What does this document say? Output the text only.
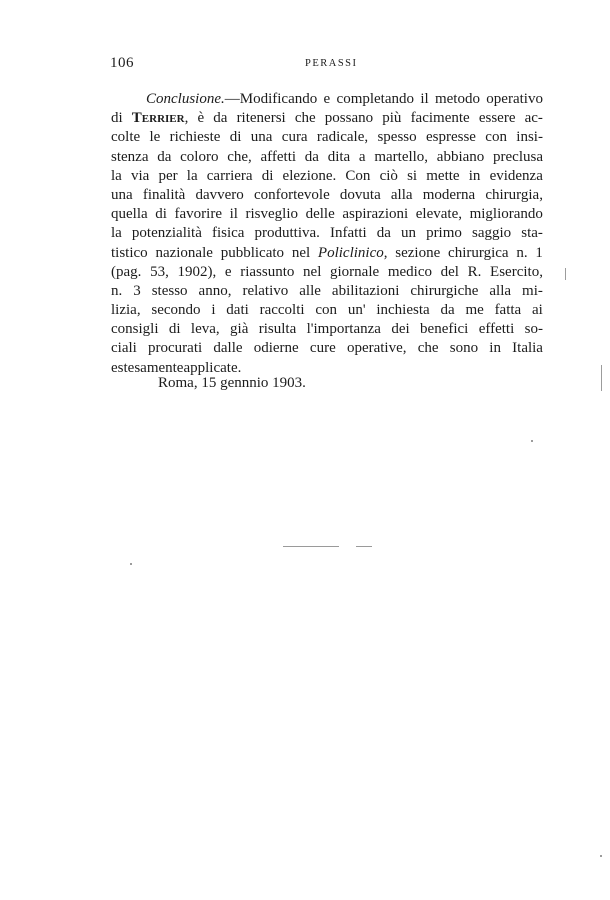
106	PERASSI
Conclusione.—Modificando e completando il metodo operativo
di Terrier, è da ritenersi che possano più facimente essere ac-
colte le richieste di una cura radicale, spesso espresse con insi-
stenza da coloro che, affetti da dita a martello, abbiano preclusa
la via per la carriera di elezione. Con ciò si mette in evidenza
una finalità davvero confortevole dovuta alla moderna chirurgia,
quella di favorire il risveglio delle aspirazioni elevate, migliorando
la potenzialità fisica produttiva. Infatti da un primo saggio sta-
tistico nazionale pubblicato nel Policlinico, sezione chirurgica n. 1
(pag. 53, 1902), e riassunto nel giornale medico del R. Esercito,
n. 3 stesso anno, relativo alle abilitazioni chirurgiche alla mi-
lizia, secondo i dati raccolti con un' inchiesta da me fatta ai
consigli di leva, già risulta l'importanza dei benefici effetti so-
ciali procurati dalle odierne cure operative, che sono in Italia
estesamente applicate.
Roma, 15 gennnio 1903.
